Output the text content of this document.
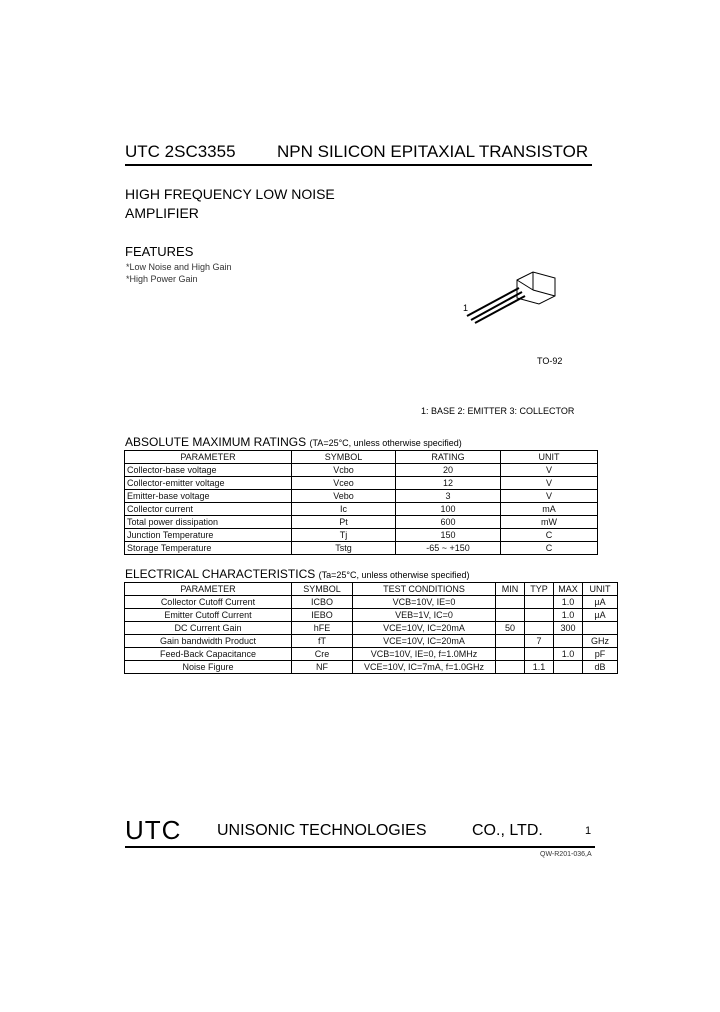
UTC 2SC3355 NPN SILICON EPITAXIAL TRANSISTOR
HIGH FREQUENCY LOW NOISE
AMPLIFIER
FEATURES
*Low Noise and High Gain
*High Power Gain
1
TO-92
1: BASE 2: EMITTER 3: COLLECTOR
ABSOLUTE MAXIMUM RATINGS (TA=25°C, unless otherwise specified)
PARAMETER	SYMBOL	RATING	UNIT
Collector-base voltage	Vcbo	20	V
Collector-emitter voltage	Vceo	12	V
Emitter-base voltage	Vebo	3	V
Collector current	Ic	100	mA
Total power dissipation	Pt	600	mW
Junction Temperature	Tj	150	C
Storage Temperature	Tstg	-65 ~ +150	C
ELECTRICAL CHARACTERISTICS (Ta=25°C, unless otherwise specified)
PARAMETER	SYMBOL	TEST CONDITIONS	MIN	TYP	MAX	UNIT
Collector Cutoff Current	ICBO	VCB=10V, IE=0			1.0	µA
Emitter Cutoff Current	IEBO	VEB=1V, IC=0			1.0	µA
DC Current Gain	hFE	VCE=10V, IC=20mA	50		300	
Gain bandwidth Product	fT	VCE=10V, IC=20mA		7		GHz
Feed-Back Capacitance	Cre	VCB=10V, IE=0, f=1.0MHz			1.0	pF
Noise Figure	NF	VCE=10V, IC=7mA, f=1.0GHz		1.1		dB
UTC UNISONIC TECHNOLOGIES	CO., LTD.	1
QW-R201-036,A
